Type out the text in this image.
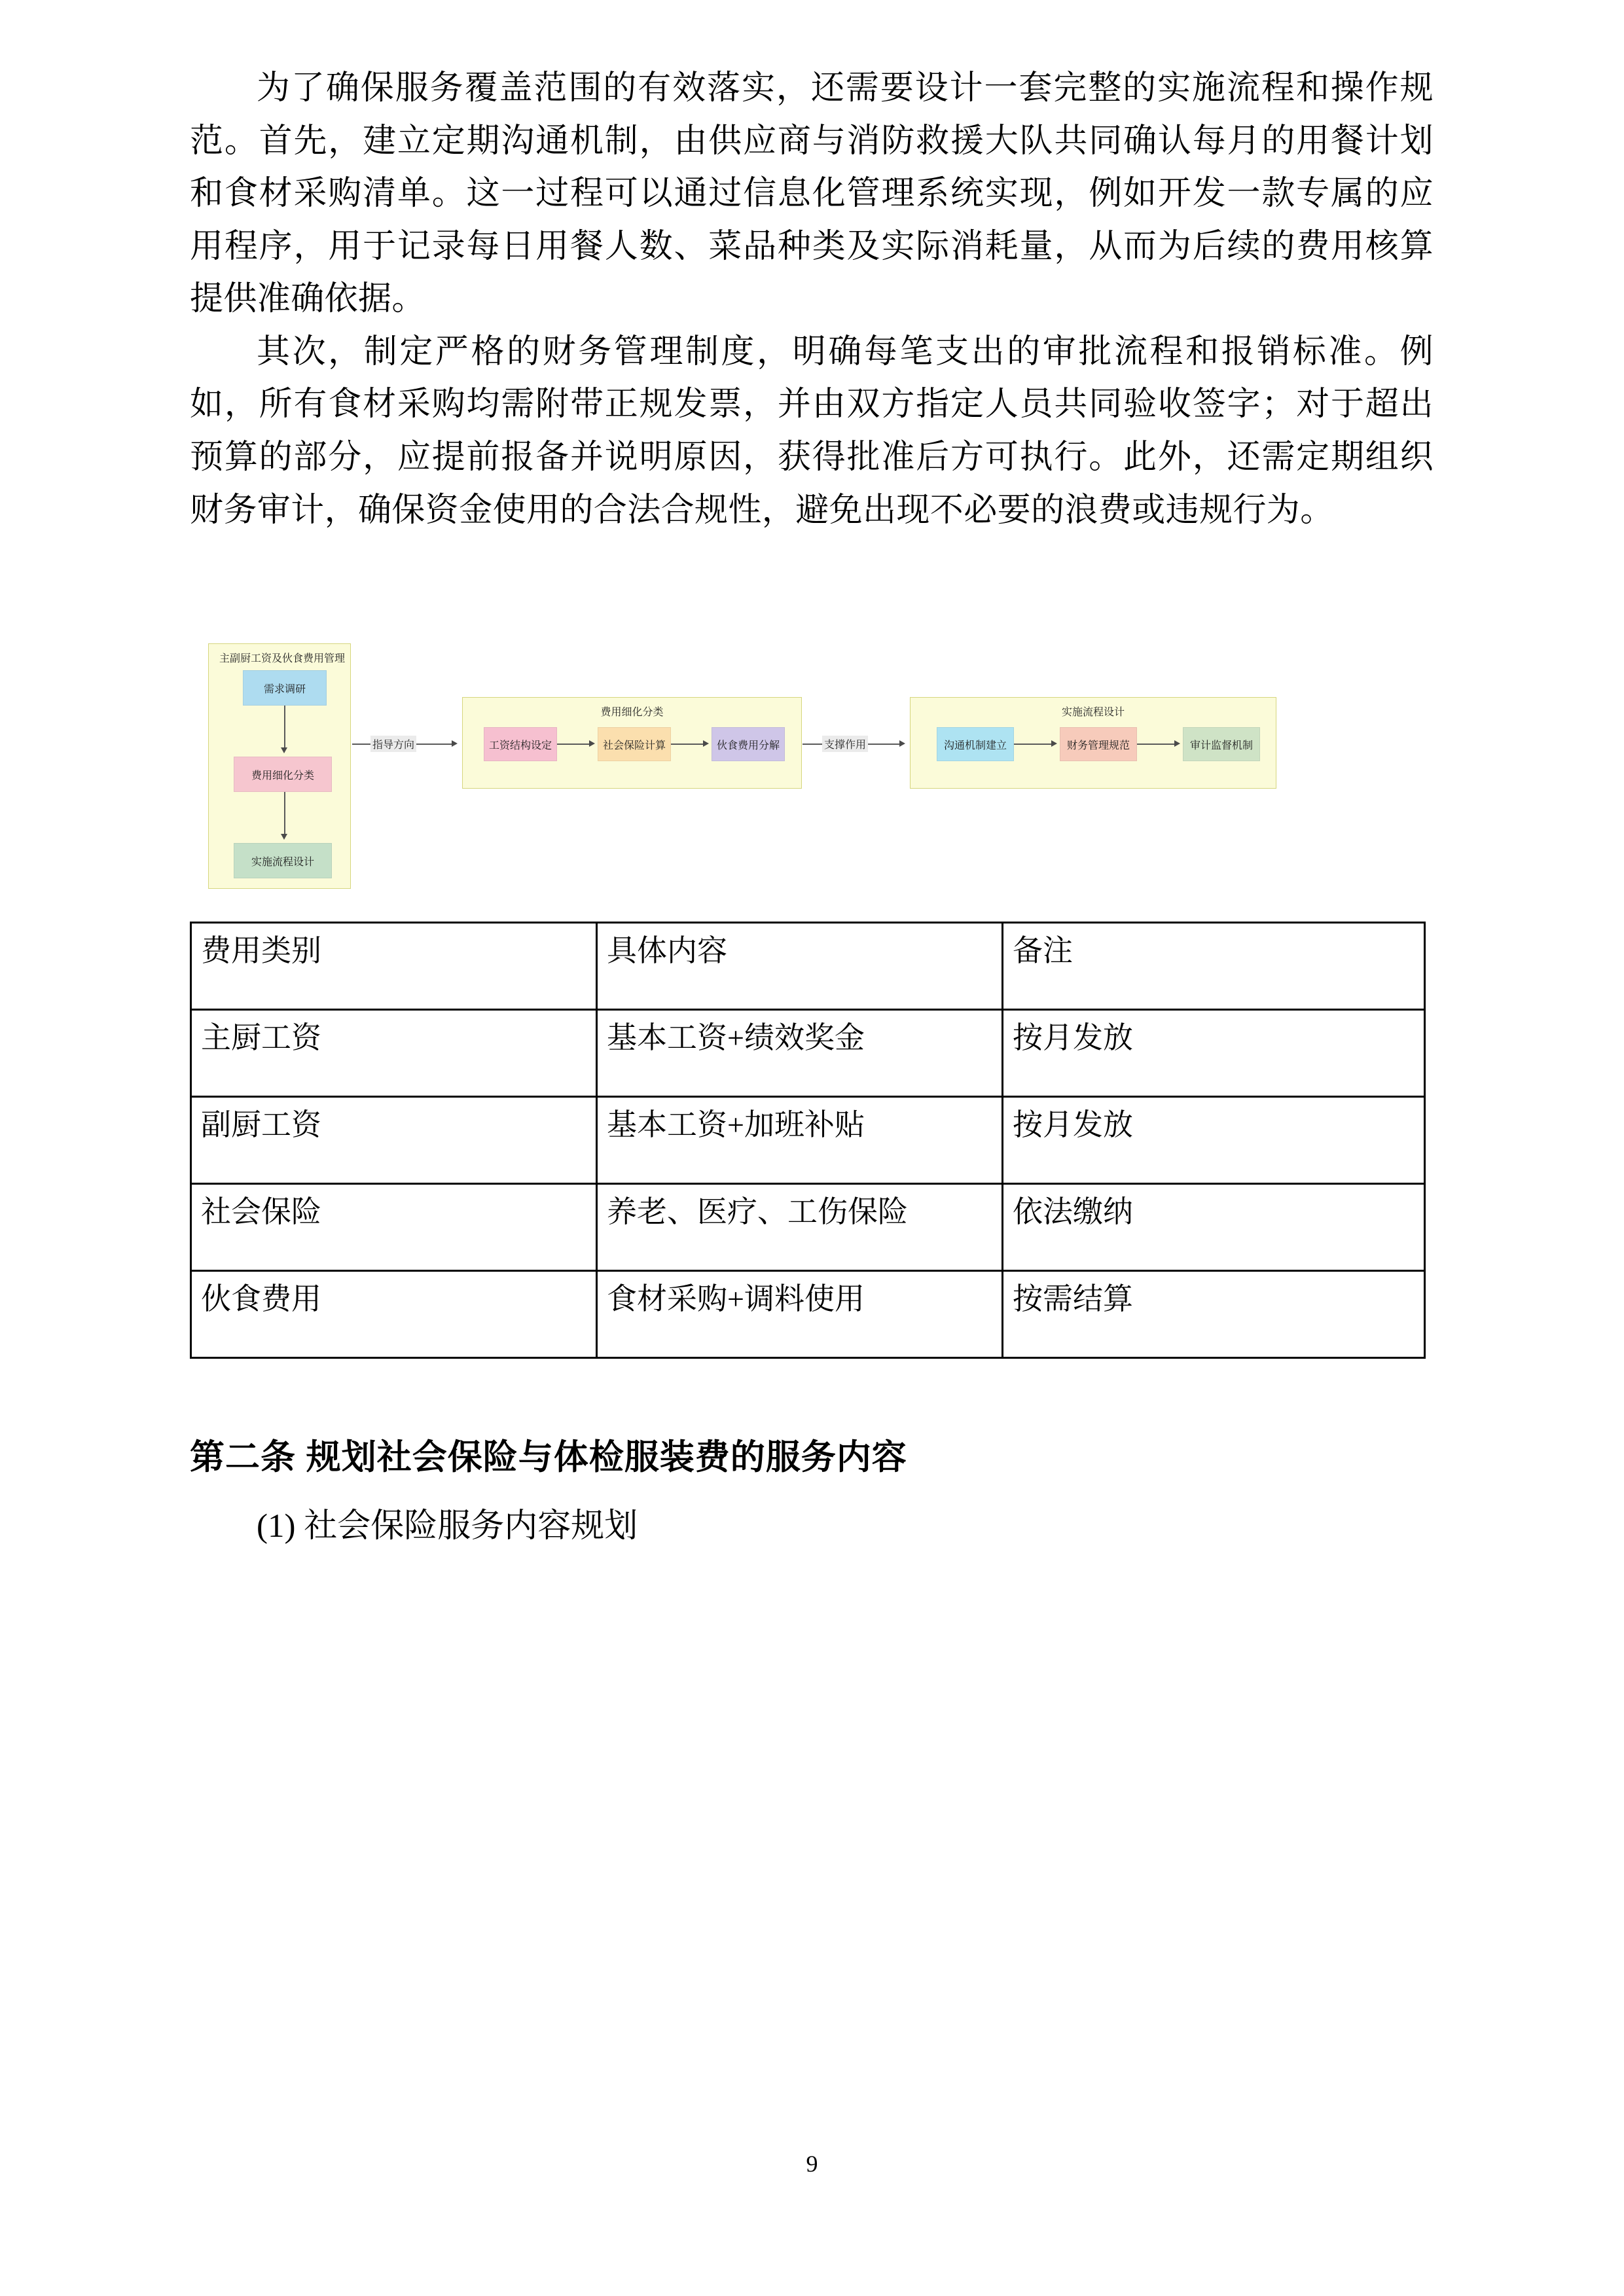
为了确保服务覆盖范围的有效落实，还需要设计一套完整的实施流程和操作规范。首先，建立定期沟通机制，由供应商与消防救援大队共同确认每月的用餐计划和食材采购清单。这一过程可以通过信息化管理系统实现，例如开发一款专属的应用程序，用于记录每日用餐人数、菜品种类及实际消耗量，从而为后续的费用核算提供准确依据。

其次，制定严格的财务管理制度，明确每笔支出的审批流程和报销标准。例如，所有食材采购均需附带正规发票，并由双方指定人员共同验收签字；对于超出预算的部分，应提前报备并说明原因，获得批准后方可执行。此外，还需定期组织财务审计，确保资金使用的合法合规性，避免出现不必要的浪费或违规行为。

主副厨工资及伙食费用管理
需求调研
费用细化分类
实施流程设计
指导方向
费用细化分类
工资结构设定	社会保险计算	伙食费用分解	支撑作用
实施流程设计
沟通机制建立	财务管理规范	审计监督机制
费用类别	具体内容	备注
主厨工资	基本工资+绩效奖金	按月发放
副厨工资	基本工资+加班补贴	按月发放
社会保险	养老、医疗、工伤保险	依法缴纳
伙食费用	食材采购+调料使用	按需结算
第二条 规划社会保险与体检服装费的服务内容

(1) 社会保险服务内容规划

9
